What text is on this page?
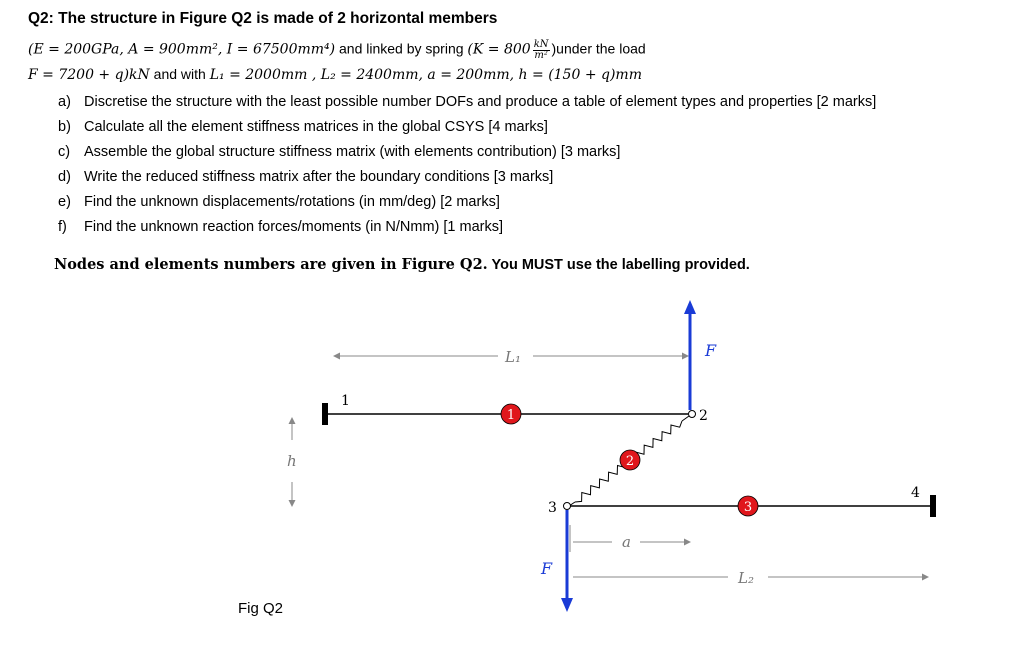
Q2: The structure in Figure Q2 is made of 2 horizontal members
(E = 200GPa, A = 900mm², I = 67500mm⁴) and linked by spring ($K = 800 \frac{kN}{\text{m²}}$ )under the load
F = 7200 + q)kN and with L₁ = 2000mm , L₂ = 2400mm, a = 200mm, h = (150 + q)mm
a) Discretise the structure with the least possible number DOFs and produce a table of element types and properties [2 marks]
b) Calculate all the element stiffness matrices in the global CSYS [4 marks]
c) Assemble the global structure stiffness matrix (with elements contribution) [3 marks]
d) Write the reduced stiffness matrix after the boundary conditions [3 marks]
e) Find the unknown displacements/rotations (in mm/deg) [2 marks]
f) Find the unknown reaction forces/moments (in N/Nmm) [1 marks]
Nodes and elements numbers are given in Figure Q2. You MUST use the labelling provided.
L₁	F
1
1	2
h	2
3	3
4
a
F	L₂
Fig Q2
